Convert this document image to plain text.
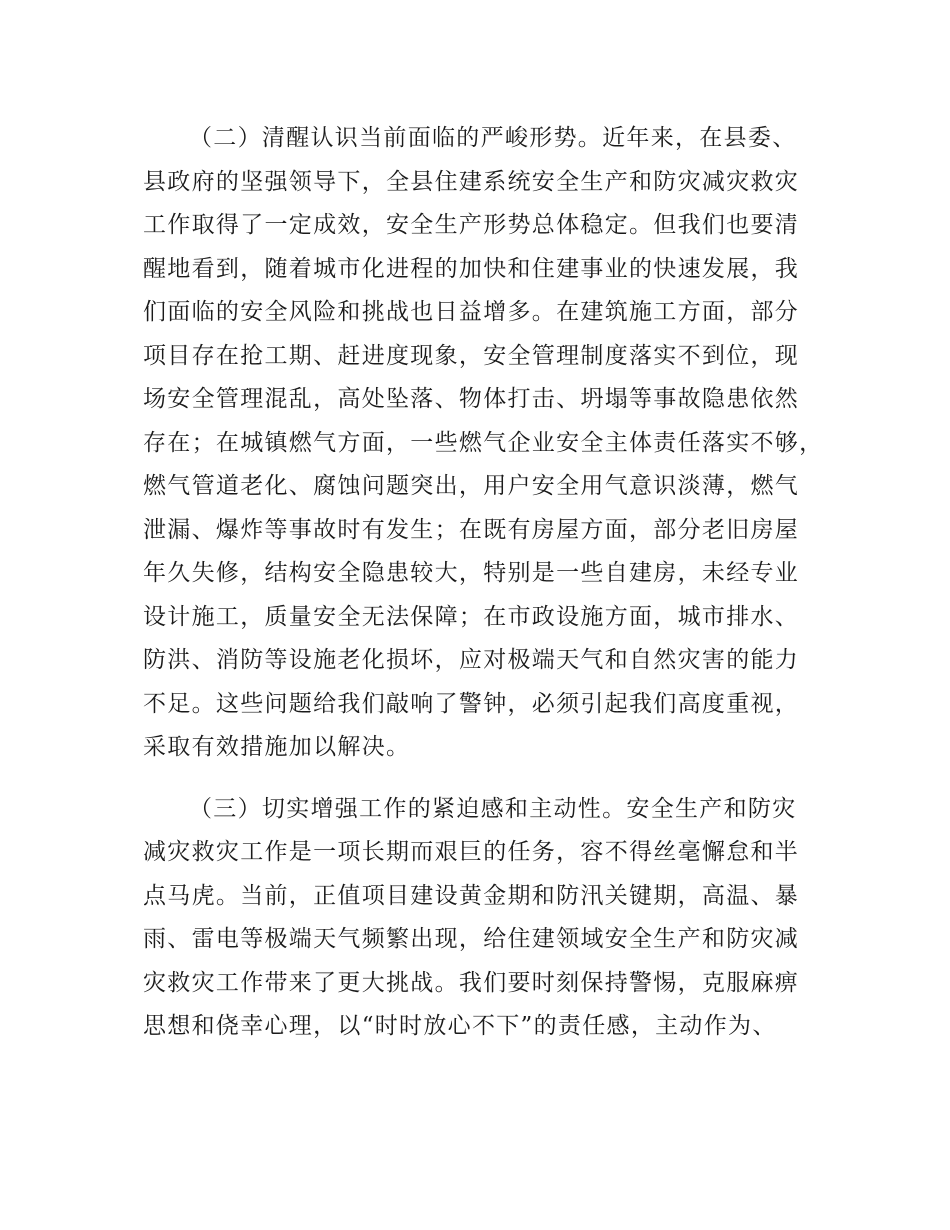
（二）清醒认识当前面临的严峻形势。近年来，在县委、
县政府的坚强领导下，全县住建系统安全生产和防灾减灾救灾
工作取得了一定成效，安全生产形势总体稳定。但我们也要清
醒地看到，随着城市化进程的加快和住建事业的快速发展，我
们面临的安全风险和挑战也日益增多。在建筑施工方面，部分
项目存在抢工期、赶进度现象，安全管理制度落实不到位，现
场安全管理混乱，高处坠落、物体打击、坍塌等事故隐患依然
存在；在城镇燃气方面，一些燃气企业安全主体责任落实不够，
燃气管道老化、腐蚀问题突出，用户安全用气意识淡薄，燃气
泄漏、爆炸等事故时有发生；在既有房屋方面，部分老旧房屋
年久失修，结构安全隐患较大，特别是一些自建房，未经专业
设计施工，质量安全无法保障；在市政设施方面，城市排水、
防洪、消防等设施老化损坏，应对极端天气和自然灾害的能力
不足。这些问题给我们敲响了警钟，必须引起我们高度重视，
采取有效措施加以解决。

（三）切实增强工作的紧迫感和主动性。安全生产和防灾
减灾救灾工作是一项长期而艰巨的任务，容不得丝毫懈怠和半
点马虎。当前，正值项目建设黄金期和防汛关键期，高温、暴
雨、雷电等极端天气频繁出现，给住建领域安全生产和防灾减
灾救灾工作带来了更大挑战。我们要时刻保持警惕，克服麻痹
思想和侥幸心理，以“时时放心不下”的责任感，主动作为、
